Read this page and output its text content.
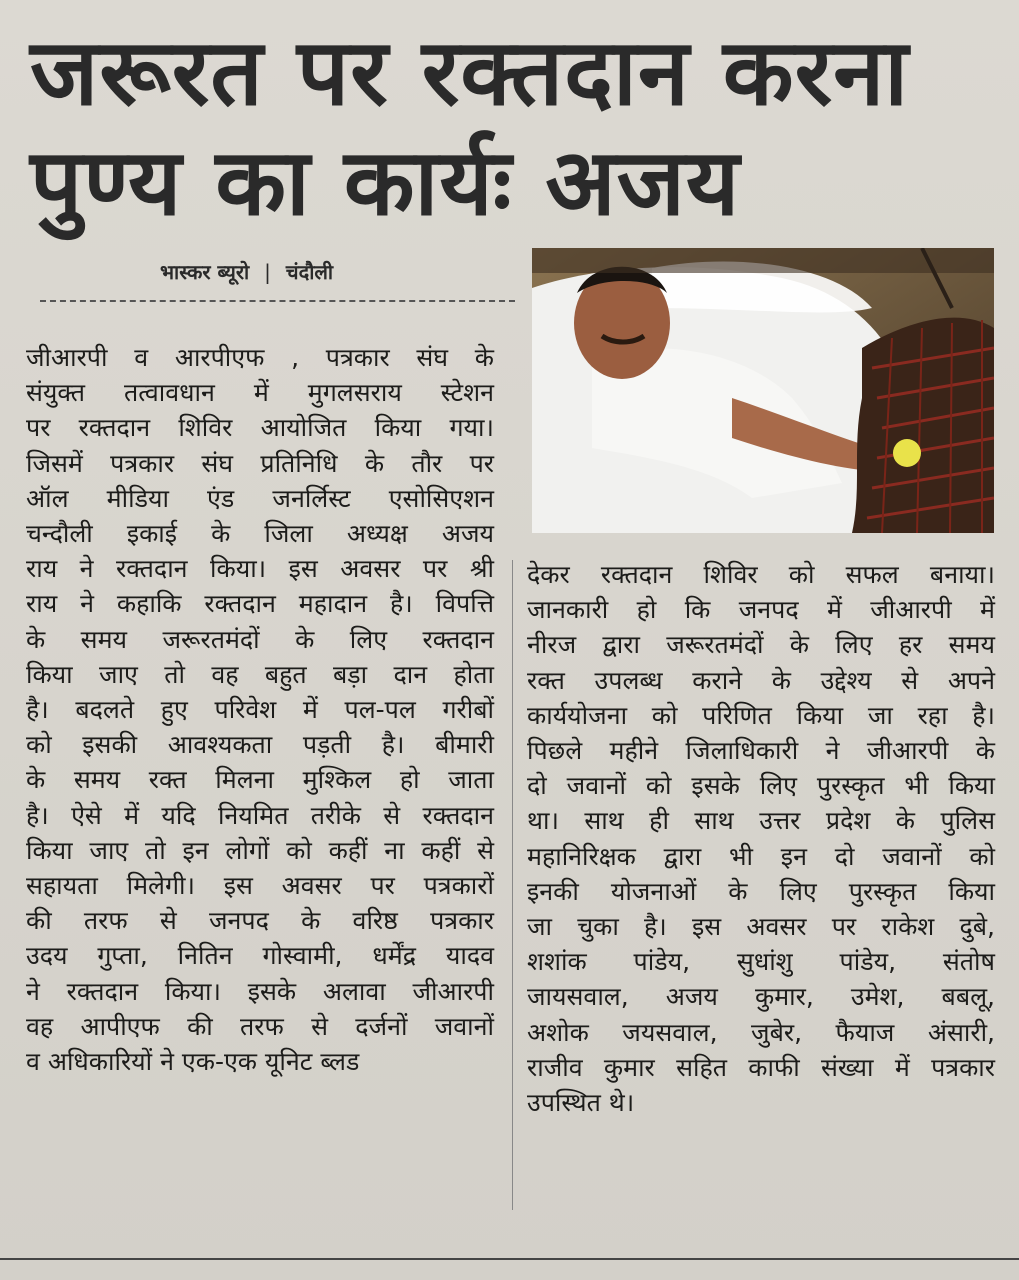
जरूरत पर रक्तदान करना
पुण्य का कार्यः अजय
भास्कर ब्यूरो | चंदौली
जीआरपी व आरपीएफ , पत्रकार संघ के
संयुक्त तत्वावधान में मुगलसराय स्टेशन
पर रक्तदान शिविर आयोजित किया गया।
जिसमें पत्रकार संघ प्रतिनिधि के तौर पर
ऑल मीडिया एंड जनर्लिस्ट एसोसिएशन
चन्दौली इकाई के जिला अध्यक्ष अजय
राय ने रक्तदान किया। इस अवसर पर श्री
राय ने कहाकि रक्तदान महादान है। विपत्ति
के समय जरूरतमंदों के लिए रक्तदान
किया जाए तो वह बहुत बड़ा दान होता
है। बदलते हुए परिवेश में पल-पल गरीबों
को इसकी आवश्यकता पड़ती है। बीमारी
के समय रक्त मिलना मुश्किल हो जाता
है। ऐसे में यदि नियमित तरीके से रक्तदान
किया जाए तो इन लोगों को कहीं ना कहीं से
सहायता मिलेगी। इस अवसर पर पत्रकारों
की तरफ से जनपद के वरिष्ठ पत्रकार
उदय गुप्ता, नितिन गोस्वामी, धर्मेंद्र यादव
ने रक्तदान किया। इसके अलावा जीआरपी
वह आपीएफ की तरफ से दर्जनों जवानों
व अधिकारियों ने एक-एक यूनिट ब्लड
देकर रक्तदान शिविर को सफल बनाया।
जानकारी हो कि जनपद में जीआरपी में
नीरज द्वारा जरूरतमंदों के लिए हर समय
रक्त उपलब्ध कराने के उद्देश्य से अपने
कार्ययोजना को परिणित किया जा रहा है।
पिछले महीने जिलाधिकारी ने जीआरपी के
दो जवानों को इसके लिए पुरस्कृत भी किया
था। साथ ही साथ उत्तर प्रदेश के पुलिस
महानिरिक्षक द्वारा भी इन दो जवानों को
इनकी योजनाओं के लिए पुरस्कृत किया
जा चुका है। इस अवसर पर राकेश दुबे,
शशांक पांडेय, सुधांशु पांडेय, संतोष
जायसवाल, अजय कुमार, उमेश, बबलू,
अशोक जयसवाल, जुबेर, फैयाज अंसारी,
राजीव कुमार सहित काफी संख्या में पत्रकार
उपस्थित थे।
